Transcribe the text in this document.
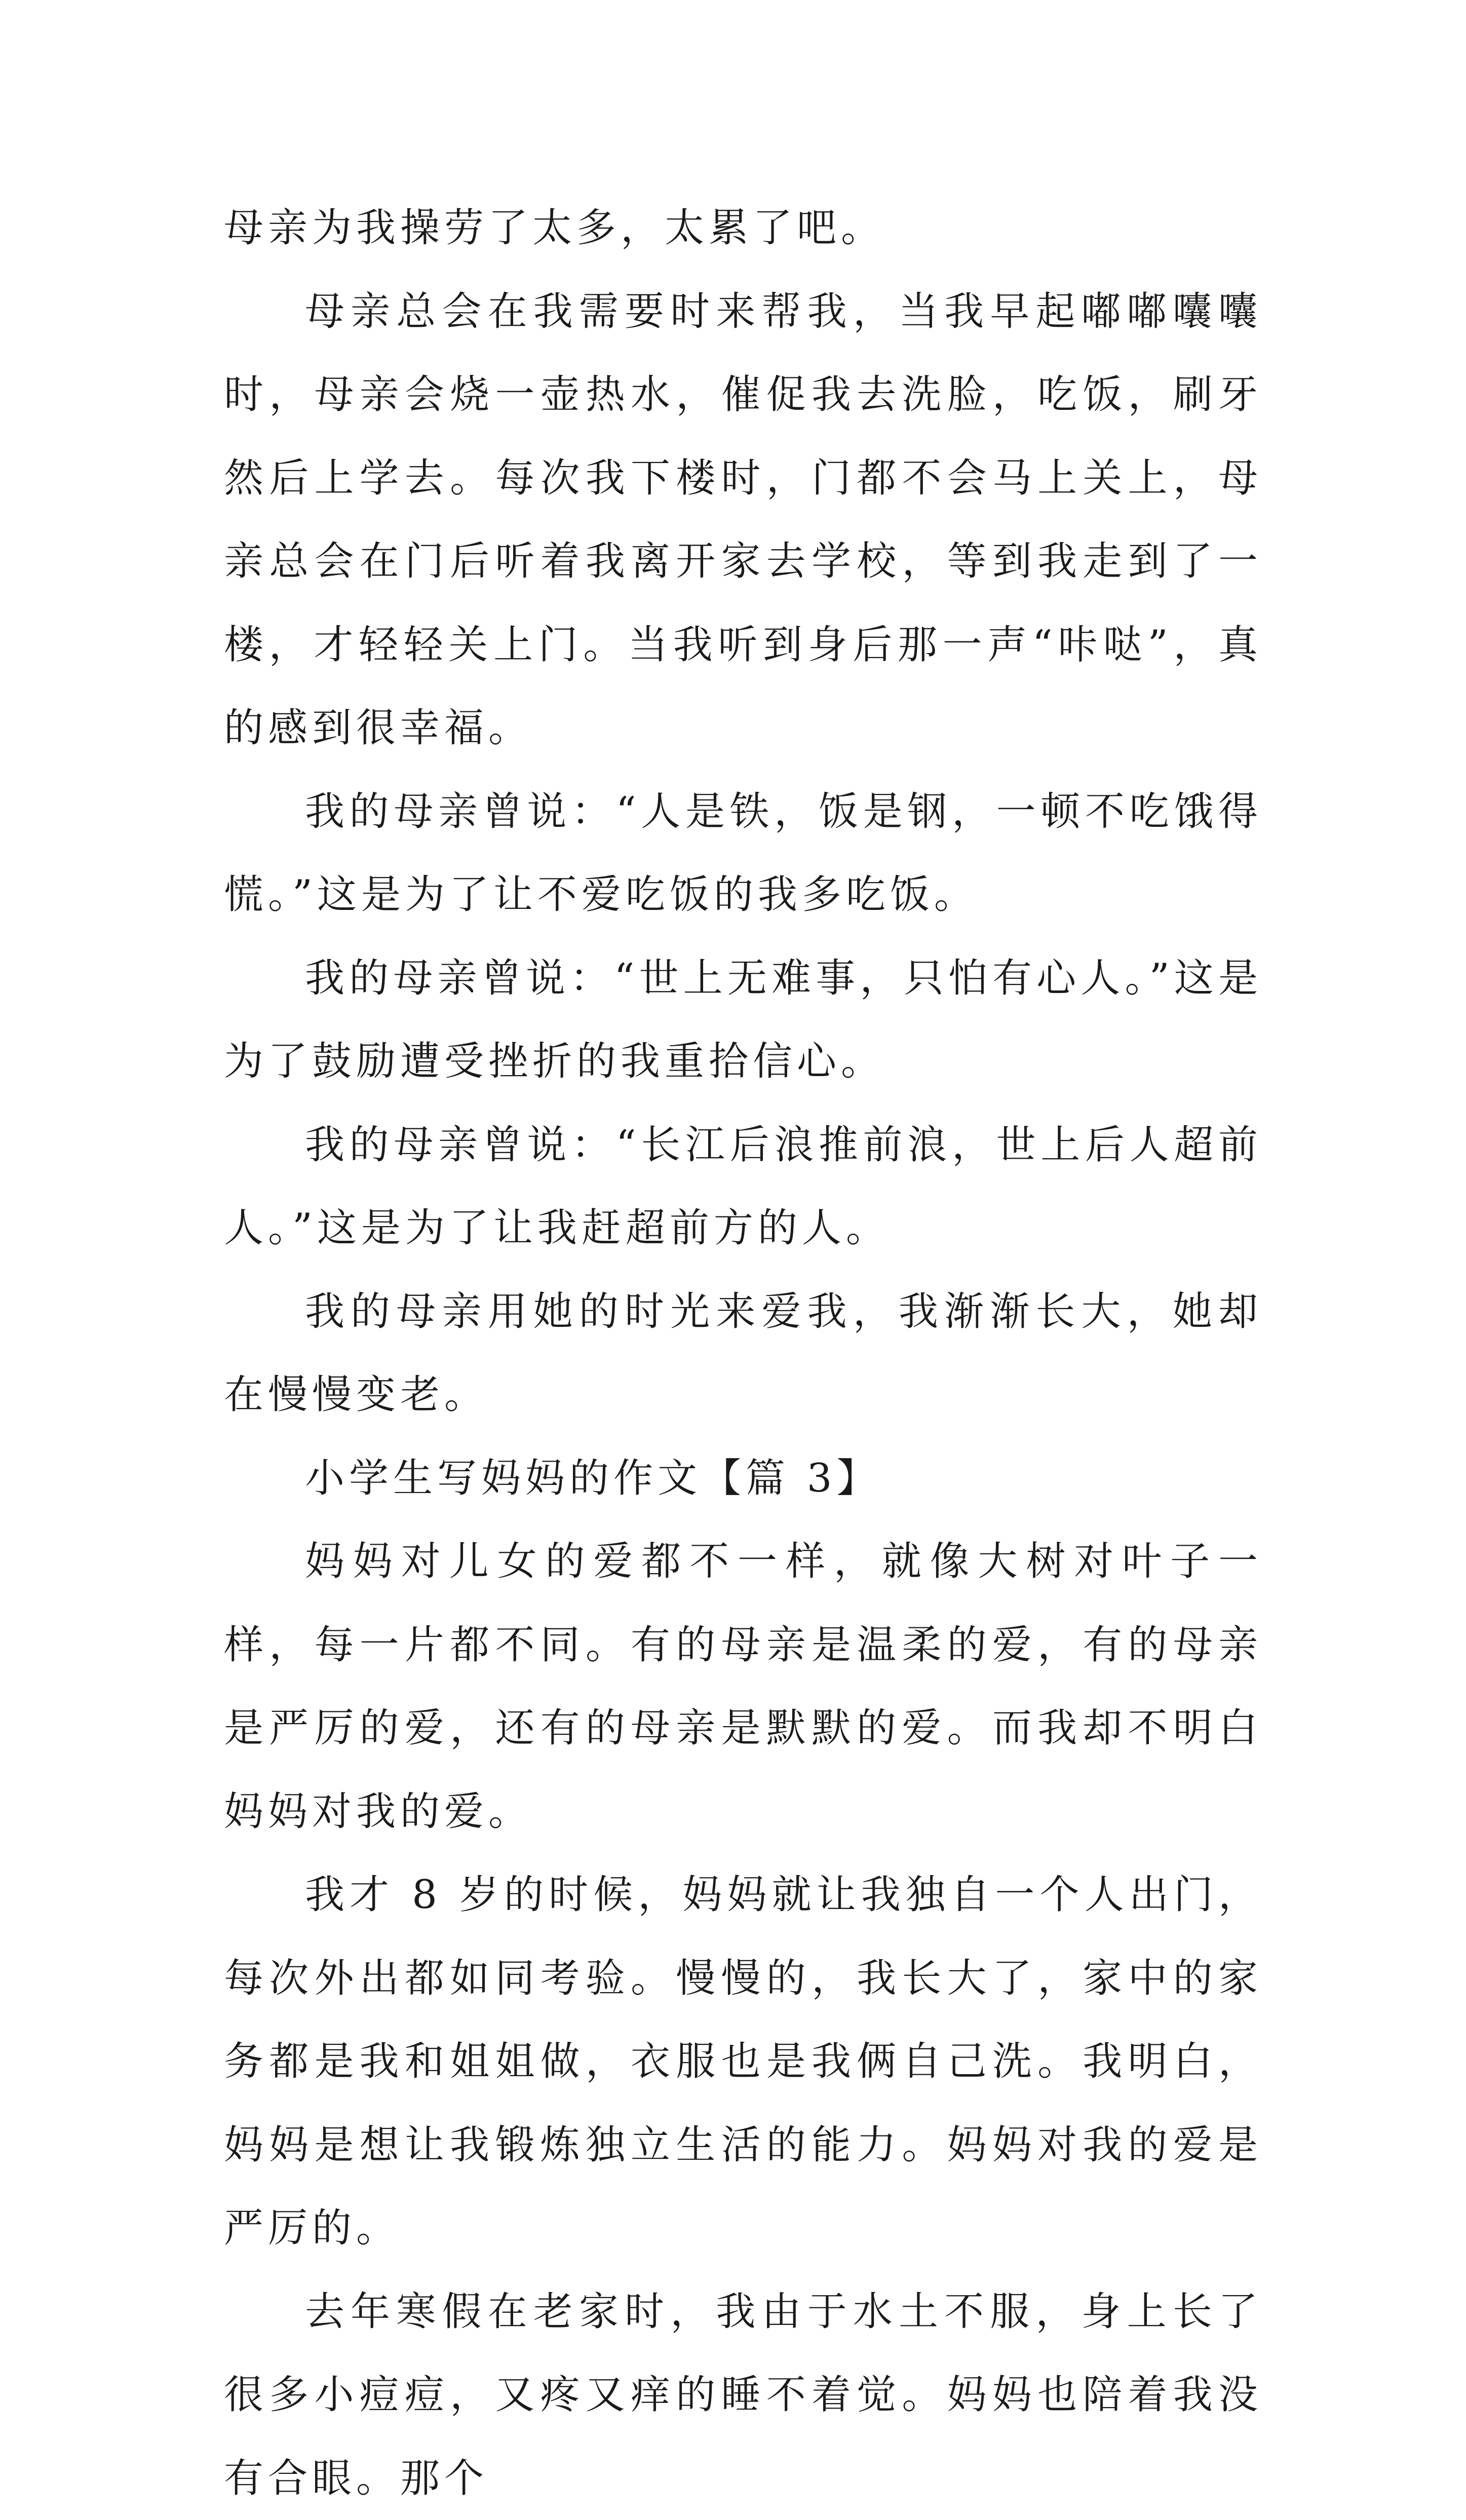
母亲为我操劳了太多，太累了吧。

母亲总会在我需要时来帮我，当我早起嘟嘟囔囔时，母亲会烧一壶热水，催促我去洗脸，吃饭，刷牙然后上学去。每次我下楼时，门都不会马上关上，母亲总会在门后听着我离开家去学校，等到我走到了一楼，才轻轻关上门。当我听到身后那一声“咔哒”，真的感到很幸福。

我的母亲曾说：“人是铁，饭是钢，一顿不吃饿得慌。”这是为了让不爱吃饭的我多吃饭。

我的母亲曾说：“世上无难事，只怕有心人。”这是为了鼓励遭受挫折的我重拾信心。

我的母亲曾说：“长江后浪推前浪，世上后人超前人。”这是为了让我赶超前方的人。

我的母亲用她的时光来爱我，我渐渐长大，她却在慢慢变老。

小学生写妈妈的作文【篇 3】

妈妈对儿女的爱都不一样，就像大树对叶子一样，每一片都不同。有的母亲是温柔的爱，有的母亲是严厉的爱，还有的母亲是默默的爱。而我却不明白妈妈对我的爱。

我才 8 岁的时候，妈妈就让我独自一个人出门，每次外出都如同考验。慢慢的，我长大了，家中的家务都是我和姐姐做，衣服也是我俩自己洗。我明白，妈妈是想让我锻炼独立生活的能力。妈妈对我的爱是严厉的。

去年寒假在老家时，我由于水土不服，身上长了很多小痘痘，又疼又痒的睡不着觉。妈妈也陪着我没有合眼。那个
